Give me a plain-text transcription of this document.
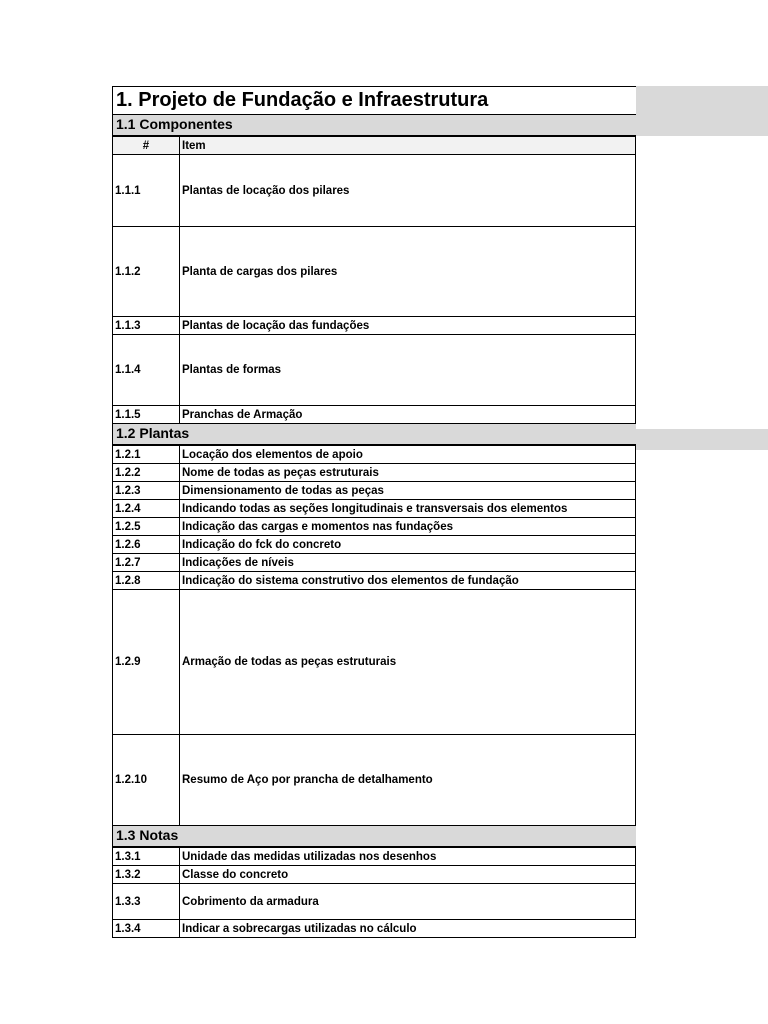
1. Projeto de Fundação e Infraestrutura
1.1 Componentes
#	Item
1.1.1	Plantas de locação dos pilares
1.1.2	Planta de cargas dos pilares
1.1.3	Plantas de locação das fundações
1.1.4	Plantas de formas
1.1.5	Pranchas de Armação
1.2 Plantas
1.2.1	Locação dos elementos de apoio
1.2.2	Nome de todas as peças estruturais
1.2.3	Dimensionamento de todas as peças
1.2.4	Indicando todas as seções longitudinais e transversais dos elementos
1.2.5	Indicação das cargas e momentos nas fundações
1.2.6	Indicação do fck do concreto
1.2.7	Indicações de níveis
1.2.8	Indicação do sistema construtivo dos elementos de fundação
1.2.9	Armação de todas as peças estruturais
1.2.10	Resumo de Aço por prancha de detalhamento
1.3 Notas
1.3.1	Unidade das medidas utilizadas nos desenhos
1.3.2	Classe do concreto
1.3.3	Cobrimento da armadura
1.3.4	Indicar a sobrecargas utilizadas no cálculo
